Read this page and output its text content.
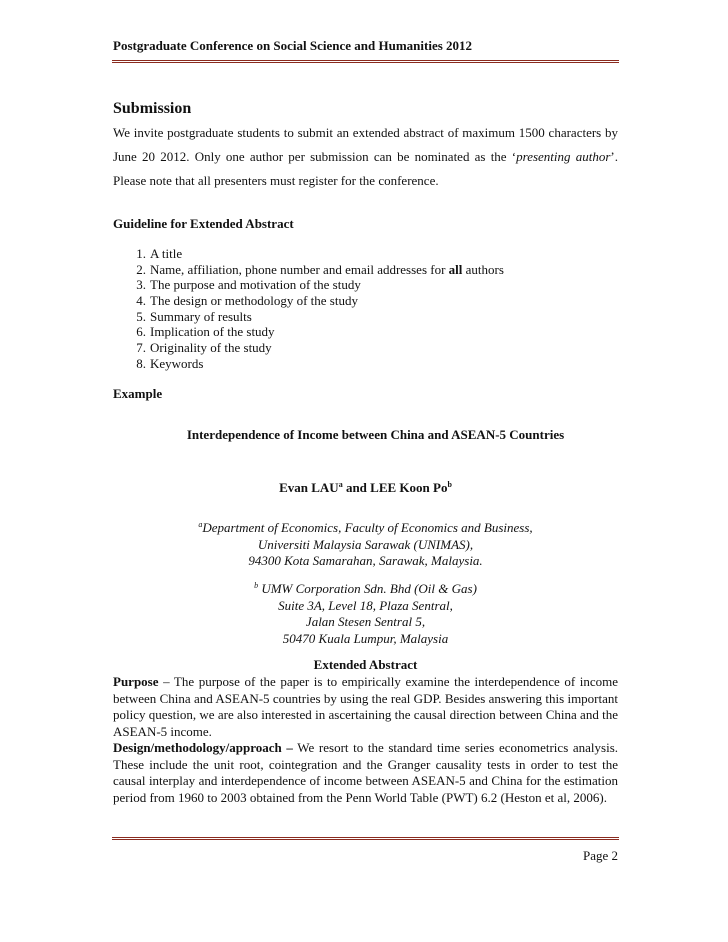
Postgraduate Conference on Social Science and Humanities 2012
Submission
We invite postgraduate students to submit an extended abstract of maximum 1500 characters by June 20 2012. Only one author per submission can be nominated as the ‘presenting author’. Please note that all presenters must register for the conference.
Guideline for Extended Abstract
1. A title
2. Name, affiliation, phone number and email addresses for all authors
3. The purpose and motivation of the study
4. The design or methodology of the study
5. Summary of results
6. Implication of the study
7. Originality of the study
8. Keywords
Example
Interdependence of Income between China and ASEAN-5 Countries
Evan LAU$^a$ and LEE Koon Po$^b$
$^a$Department of Economics, Faculty of Economics and Business,
Universiti Malaysia Sarawak (UNIMAS),
94300 Kota Samarahan, Sarawak, Malaysia.
$^b$ UMW Corporation Sdn. Bhd (Oil & Gas)
Suite 3A, Level 18, Plaza Sentral,
Jalan Stesen Sentral 5,
50470 Kuala Lumpur, Malaysia
Extended Abstract

Purpose – The purpose of the paper is to empirically examine the interdependence of income between China and ASEAN-5 countries by using the real GDP. Besides answering this important policy question, we are also interested in ascertaining the causal direction between China and the ASEAN-5 income.

Design/methodology/approach – We resort to the standard time series econometrics analysis. These include the unit root, cointegration and the Granger causality tests in order to test the causal interplay and interdependence of income between ASEAN-5 and China for the estimation period from 1960 to 2003 obtained from the Penn World Table (PWT) 6.2 (Heston et al, 2006).

Page 2
